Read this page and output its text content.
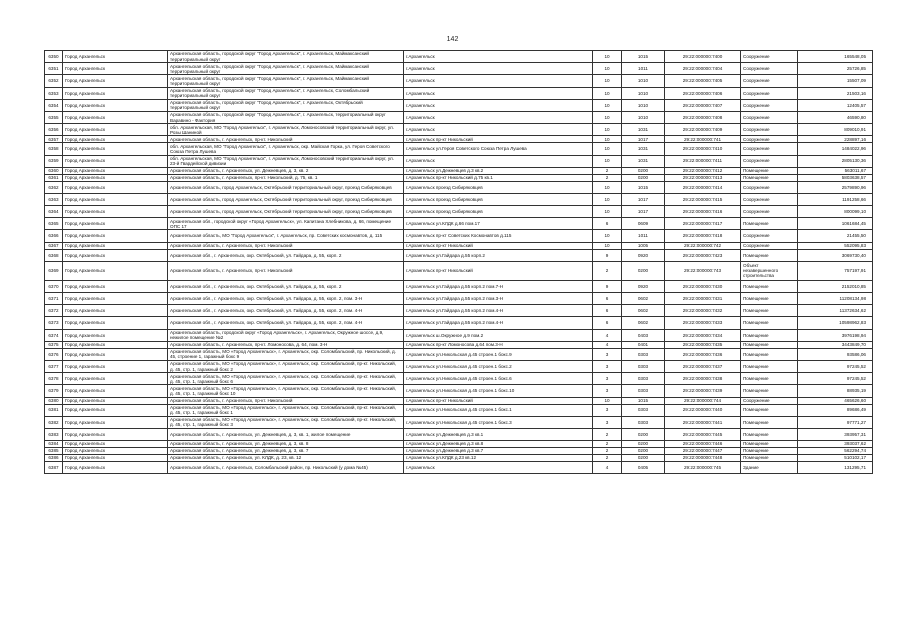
142
6350	Город Архангельск	Архангельская область, городской округ "Город Архангельск", г. Архангельск, Маймаксанский территориальный округ	г.Архангельск	10	1015	29:22:000000:7400	Сооружение	165548,05
6351	Город Архангельск	Архангельская область, городской округ "Город Архангельск", г. Архангельск, Маймаксанский территориальный округ	г.Архангельск	10	1011	29:22:000000:7404	Сооружение	25726,85
6352	Город Архангельск	Архангельская область, городской округ "Город Архангельск", г. Архангельск, Маймаксанский территориальный округ	г.Архангельск	10	1010	29:22:000000:7405	Сооружение	15507,09
6353	Город Архангельск	Архангельская область, городской округ "Город Архангельск", г. Архангельск, Соломбальский территориальный округ	г.Архангельск	10	1010	29:22:000000:7406	Сооружение	21503,16
6354	Город Архангельск	Архангельская область, городской округ "Город Архангельск", г. Архангельск, Октябрьский территориальный округ	г.Архангельск	10	1010	29:22:000000:7407	Сооружение	12405,57
6355	Город Архангельск	Архангельская область, городской округ "Город Архангельск", г. Архангельск, территориальный округ Варавино - Фактория	г.Архангельск	10	1010	29:22:000000:7408	Сооружение	46590,80
6356	Город Архангельск	обл. Архангельская, МО "Город Архангельск", г. Архангельск, Ломоносовский территориальный округ, ул. Розы Шаниной	г.Архангельск	10	1031	29:22:000000:7409	Сооружение	809010,91
6357	Город Архангельск	Архангельская область, г. Архангельск, пр-кт. Никольский	г.Архангельск пр-кт Никольский	10	1017	29:22:000000:741	Сооружение	228897,16
6358	Город Архангельск	обл. Архангельская, МО "Город Архангельск", г. Архангельск, окр. Майская Горка, ул. Героя Советского Союза Петра Лушева	г.Архангельск ул.Героя Советского Союза Петра Лушева	10	1031	29:22:000000:7410	Сооружение	1484022,96
6359	Город Архангельск	обл. Архангельская, МО "Город Архангельск", г. Архангельск, Ломоносовский территориальный округ, ул. 23-й Гвардейской дивизии	г.Архангельск	10	1031	29:22:000000:7411	Сооружение	2805130,36
6360	Город Архангельск	Архангельская область, г. Архангельск, ул. Дежневцев, д. 3, кв. 2	г.Архангельск ул.Дежневцев д.3 кв.2	2	0200	29:22:000000:7412	Помещение	563011,67
6361	Город Архангельск	Архангельская область, г. Архангельск, пр-кт. Никольский, д. 75, кв. 1	г.Архангельск пр-кт Никольский д.75 кв.1	2	0200	29:22:000000:7413	Помещение	5803638,57
6362	Город Архангельск	Архангельская область, город Архангельск, Октябрьский территориальный округ, проезд Сибиряковцев	г.Архангельск проезд Сибиряковцев	10	1015	29:22:000000:7414	Сооружение	2579890,96
6363	Город Архангельск	Архангельская область, город Архангельск, Октябрьский территориальный округ, проезд Сибиряковцев	г.Архангельск проезд Сибиряковцев	10	1017	29:22:000000:7415	Сооружение	1191258,66
6364	Город Архангельск	Архангельская область, город Архангельск, Октябрьский территориальный округ, проезд Сибиряковцев	г.Архангельск проезд Сибиряковцев	10	1017	29:22:000000:7416	Сооружение	800099,10
6365	Город Архангельск	Архангельская обл., городской округ «Город Архангельск», ул. Капитана Хлебникова, д. 66, помещение ОПС 17	г.Архангельск ул.КЛДК д.66 пом.17	6	0609	29:22:000000:7417	Помещение	1061684,45
6366	Город Архангельск	Архангельская область, МО "Город Архангельск", г. Архангельск, пр. Советских космонавтов, д. 115	г.Архангельск пр-кт Советских Космонавтов д.115	10	1011	29:22:000000:7418	Сооружение	21455,50
6367	Город Архангельск	Архангельская область, г. Архангельск, пр-кт. Никольский	г.Архангельск пр-кт Никольский	10	1005	29:22:000000:742	Сооружение	552095,83
6368	Город Архангельск	Архангельская обл., г. Архангельск, окр. Октябрьский, ул. Гайдара, д. 55, корп. 2	г.Архангельск ул.Гайдара д.55 корп.2	9	0920	29:22:000000:7423	Помещение	3069730,40
6369	Город Архангельск	Архангельская область, г. Архангельск, пр-кт. Никольский	г.Архангельск пр-кт Никольский	2	0200	29:22:000000:743	Объект незавершенного строительства	757197,91
6370	Город Архангельск	Архангельская обл., г. Архангельск, окр. Октябрьский, ул. Гайдара, д. 55, корп. 2	г.Архангельск ул.Гайдара д.55 корп.2 пом.7-Н	9	0920	29:22:000000:7430	Помещение	2152010,85
6371	Город Архангельск	Архангельская обл., г. Архангельск, окр. Октябрьский, ул. Гайдара, д. 55, корп. 2, пом. 3-Н	г.Архангельск ул.Гайдара д.55 корп.2 пом.3-Н	6	0602	29:22:000000:7431	Помещение	11208134,98
6372	Город Архангельск	Архангельская обл., г. Архангельск, окр. Октябрьский, ул. Гайдара, д. 55, корп. 2, пом. 4-Н	г.Архангельск ул.Гайдара д.55 корп.2 пом.4-Н	6	0602	29:22:000000:7432	Помещение	11372634,62
6373	Город Архангельск	Архангельская обл., г. Архангельск, окр. Октябрьский, ул. Гайдара, д. 55, корп. 2, пом. 4-Н	г.Архангельск ул.Гайдара д.55 корп.2 пом.4-Н	6	0602	29:22:000000:7433	Помещение	10598962,83
6374	Город Архангельск	Архангельская область, городской округ «Город Архангельск», г. Архангельск, Окружное шоссе, д.9, нежилое помещение №2	г.Архангельск ш.Окружное д.9 пом.2	4	0403	29:22:000000:7434	Помещение	3976198,94
6375	Город Архангельск	Архангельская область, г. Архангельск, пр-кт. Ломоносова, д. 64, пом. 3-Н	г.Архангельск пр-кт Ломоносова д.64 пом.3-Н	4	0401	29:22:000000:7435	Помещение	3443849,70
6376	Город Архангельск	Архангельская область, МО «Город Архангельск», г. Архангельск, окр. Соломбальский, пр. Никольский, д. 45, строение 1, гаражный бокс 9	г.Архангельск ул.Никольская д.45 строен.1 бокс.9	3	0303	29:22:000000:7436	Помещение	93586,06
6377	Город Архангельск	Архангельская область, МО «Город Архангельск», г. Архангельск, окр. Соломбальский, пр-кт. Никольский, д. 45, стр. 1, гаражный бокс 2	г.Архангельск ул.Никольская д.45 строен.1 бокс.2	3	0303	29:22:000000:7437	Помещение	97245,52
6378	Город Архангельск	Архангельская область, МО «Город Архангельск», г. Архангельск, окр. Соломбальский, пр-кт. Никольский, д. 45, стр. 1, гаражный бокс 6	г.Архангельск ул.Никольская д.45 строен.1 бокс.6	3	0303	29:22:000000:7438	Помещение	97245,52
6379	Город Архангельск	Архангельская область, МО «Город Архангельск», г. Архангельск, окр. Соломбальский, пр-кт. Никольский, д. 45, стр. 1, гаражный бокс 10	г.Архангельск ул.Никольская д.45 строен.1 бокс.10	3	0303	29:22:000000:7439	Помещение	88935,19
6380	Город Архангельск	Архангельская область, г. Архангельск, пр-кт. Никольский	г.Архангельск пр-кт Никольский	10	1015	29:22:000000:744	Сооружение	465626,60
6381	Город Архангельск	Архангельская область, МО «Город Архангельск», г. Архангельск, окр. Соломбальский, пр-кт. Никольский, д. 45, стр. 1, гаражный бокс 1	г.Архангельск ул.Никольская д.45 строен.1 бокс.1	3	0303	29:22:000000:7440	Помещение	89686,49
6382	Город Архангельск	Архангельская область, МО «Город Архангельск», г. Архангельск, окр. Соломбальский, пр-кт. Никольский, д. 45, стр. 1, гаражный бокс 3	г.Архангельск ул.Никольская д.45 строен.1 бокс.3	3	0303	29:22:000000:7441	Помещение	97771,27
6383	Город Архангельск	Архангельская область, г. Архангельск, ул. Дежневцев, д. 3, кв. 1, жилое помещение	г.Архангельск ул.Дежневцев д.3 кв.1	2	0200	29:22:000000:7445	Помещение	393957,31
6384	Город Архангельск	Архангельская область, г. Архангельск, ул. Дежневцев, д. 3, кв. 8	г.Архангельск ул.Дежневцев д.3 кв.8	2	0200	29:22:000000:7446	Помещение	393037,62
6385	Город Архангельск	Архангельская область, г. Архангельск, ул. Дежневцев, д. 3, кв. 7	г.Архангельск ул.Дежневцев д.3 кв.7	2	0200	29:22:000000:7447	Помещение	562294,74
6386	Город Архангельск	Архангельская область, г. Архангельск, ул. КЛДК, д. 23, кв. 12	г.Архангельск ул.КЛДК д.23 кв.12	2	0200	29:22:000000:7448	Помещение	510102,17
6387	Город Архангельск	Архангельская область, г. Архангельск, Соломбальский район, пр. Никольский (у дома №45)	г.Архангельск	4	0405	29:22:000000:745	Здание	131295,71
